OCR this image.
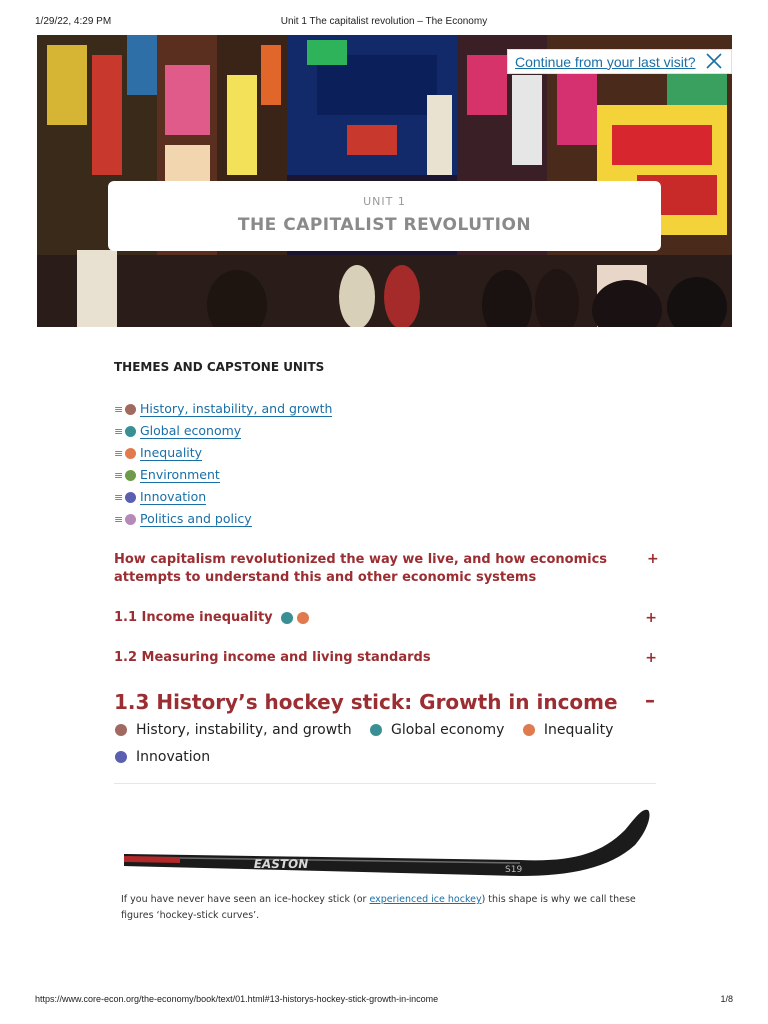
1/29/22, 4:29 PM	Unit 1 The capitalist revolution – The Economy
Continue from your last visit?
UNIT 1
THE CAPITALIST REVOLUTION
THEMES AND CAPSTONE UNITS
≡ History, instability, and growth
≡ Global economy
≡ Inequality
≡ Environment
≡ Innovation
≡ Politics and policy
How capitalism revolutionized the way we live, and how economics attempts to understand this and other economic systems
+
1.1 Income inequality	+
1.2 Measuring income and living standards	+
1.3 History’s hockey stick: Growth in income –
History, instability, and growth
	Global economy
	Inequality

Innovation
EASTON	S19
If you have never have seen an ice-hockey stick (or experienced ice hockey) this shape is why we call these figures ‘hockey-stick curves’.
https://www.core-econ.org/the-economy/book/text/01.html#13-historys-hockey-stick-growth-in-income	1/8
